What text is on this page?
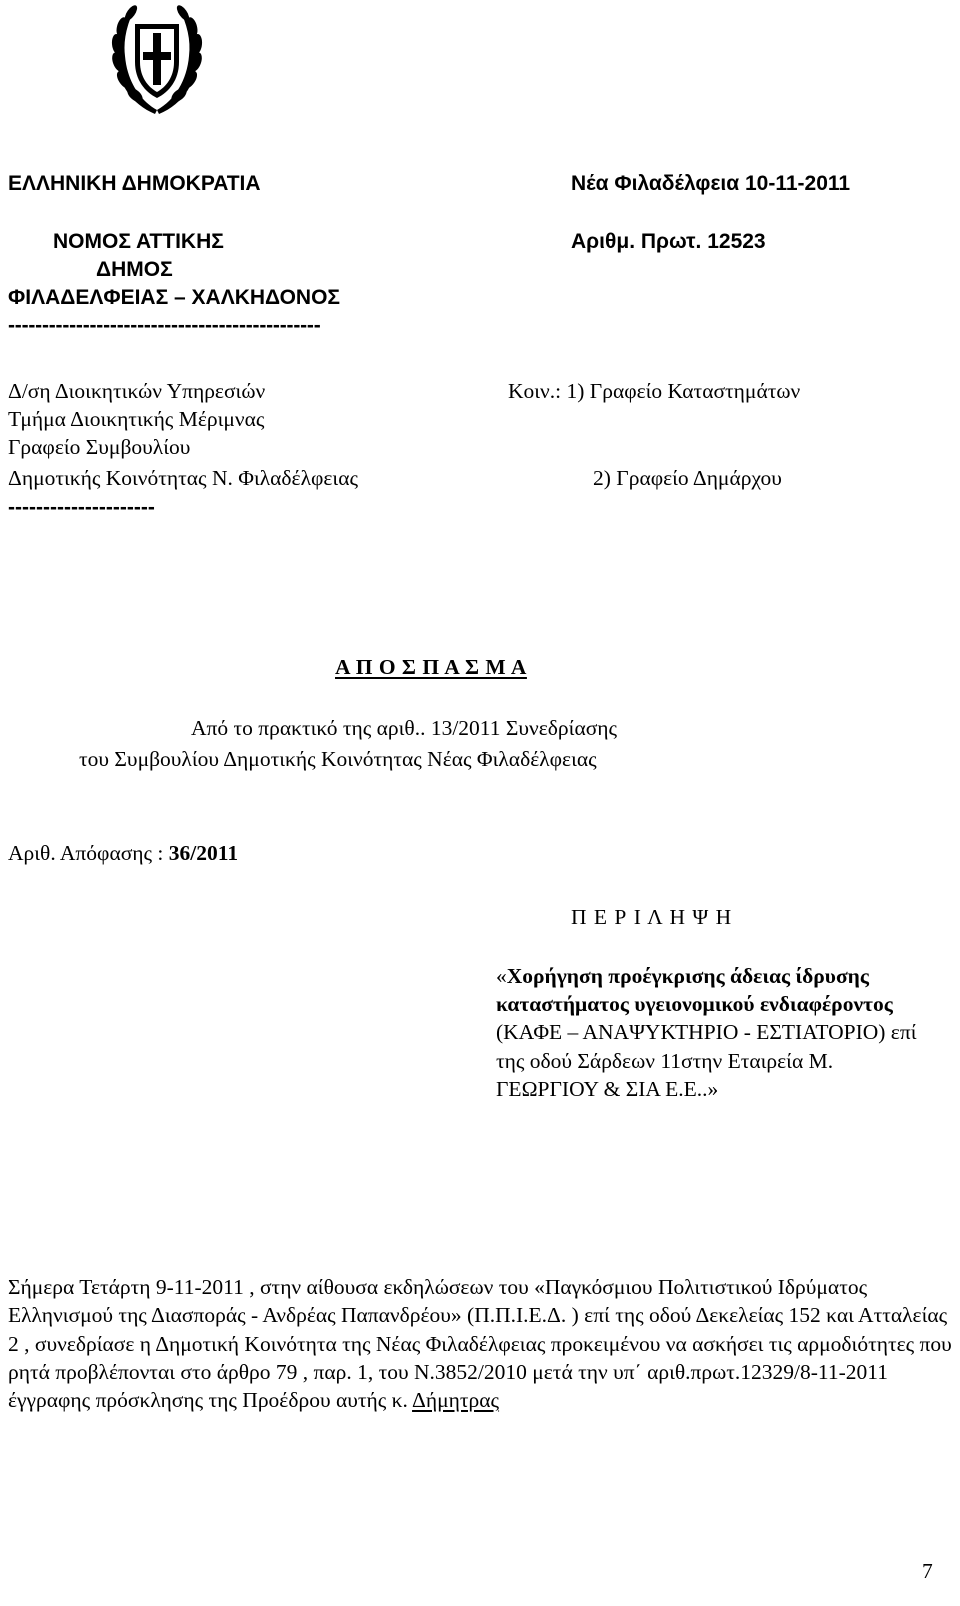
ΕΛΛΗΝΙΚΗ ΔΗΜΟΚΡΑΤΙΑ
ΝΟΜΟΣ ΑΤΤΙΚΗΣ
ΔΗΜΟΣ
ΦΙΛΑΔΕΛΦΕΙΑΣ – ΧΑΛΚΗΔΟΝΟΣ
----------------------------------------------
Νέα Φιλαδέλφεια 10-11-2011
Αριθμ. Πρωτ. 12523
Δ/ση Διοικητικών Υπηρεσιών
Τμήμα Διοικητικής Μέριμνας
Γραφείο Συμβουλίου
Δημοτικής Κοινότητας Ν. Φιλαδέλφειας
---------------------
Κοιν.: 1) Γραφείο Καταστημάτων
2) Γραφείο Δημάρχου
Α Π Ο Σ Π Α Σ Μ Α
Από το πρακτικό της αριθ.. 13/2011 Συνεδρίασης
του Συμβουλίου Δημοτικής Κοινότητας Νέας Φιλαδέλφειας
Αριθ. Απόφασης : 36/2011
Π Ε Ρ Ι Λ Η Ψ Η
«Χορήγηση προέγκρισης άδειας ίδρυσης καταστήματος υγειονομικού ενδιαφέροντος (ΚΑΦΕ – ΑΝΑΨΥΚΤΗΡΙΟ - ΕΣΤΙΑΤΟΡΙΟ) επί της οδού Σάρδεων 11στην Εταιρεία Μ. ΓΕΩΡΓΙΟΥ & ΣΙΑ Ε.Ε..»
Σήμερα Τετάρτη 9-11-2011 , στην αίθουσα εκδηλώσεων του «Παγκόσμιου Πολιτιστικού Ιδρύματος Ελληνισμού της Διασποράς - Ανδρέας Παπανδρέου» (Π.Π.Ι.Ε.Δ. ) επί της οδού Δεκελείας 152 και Ατταλείας 2 , συνεδρίασε η Δημοτική Κοινότητα της Νέας Φιλαδέλφειας προκειμένου να ασκήσει τις αρμοδιότητες που ρητά προβλέπονται στο άρθρο 79 , παρ. 1, του Ν.3852/2010 μετά την υπ΄ αριθ.πρωτ.12329/8-11-2011 έγγραφης πρόσκλησης της Προέδρου αυτής κ. Δήμητρας
7
